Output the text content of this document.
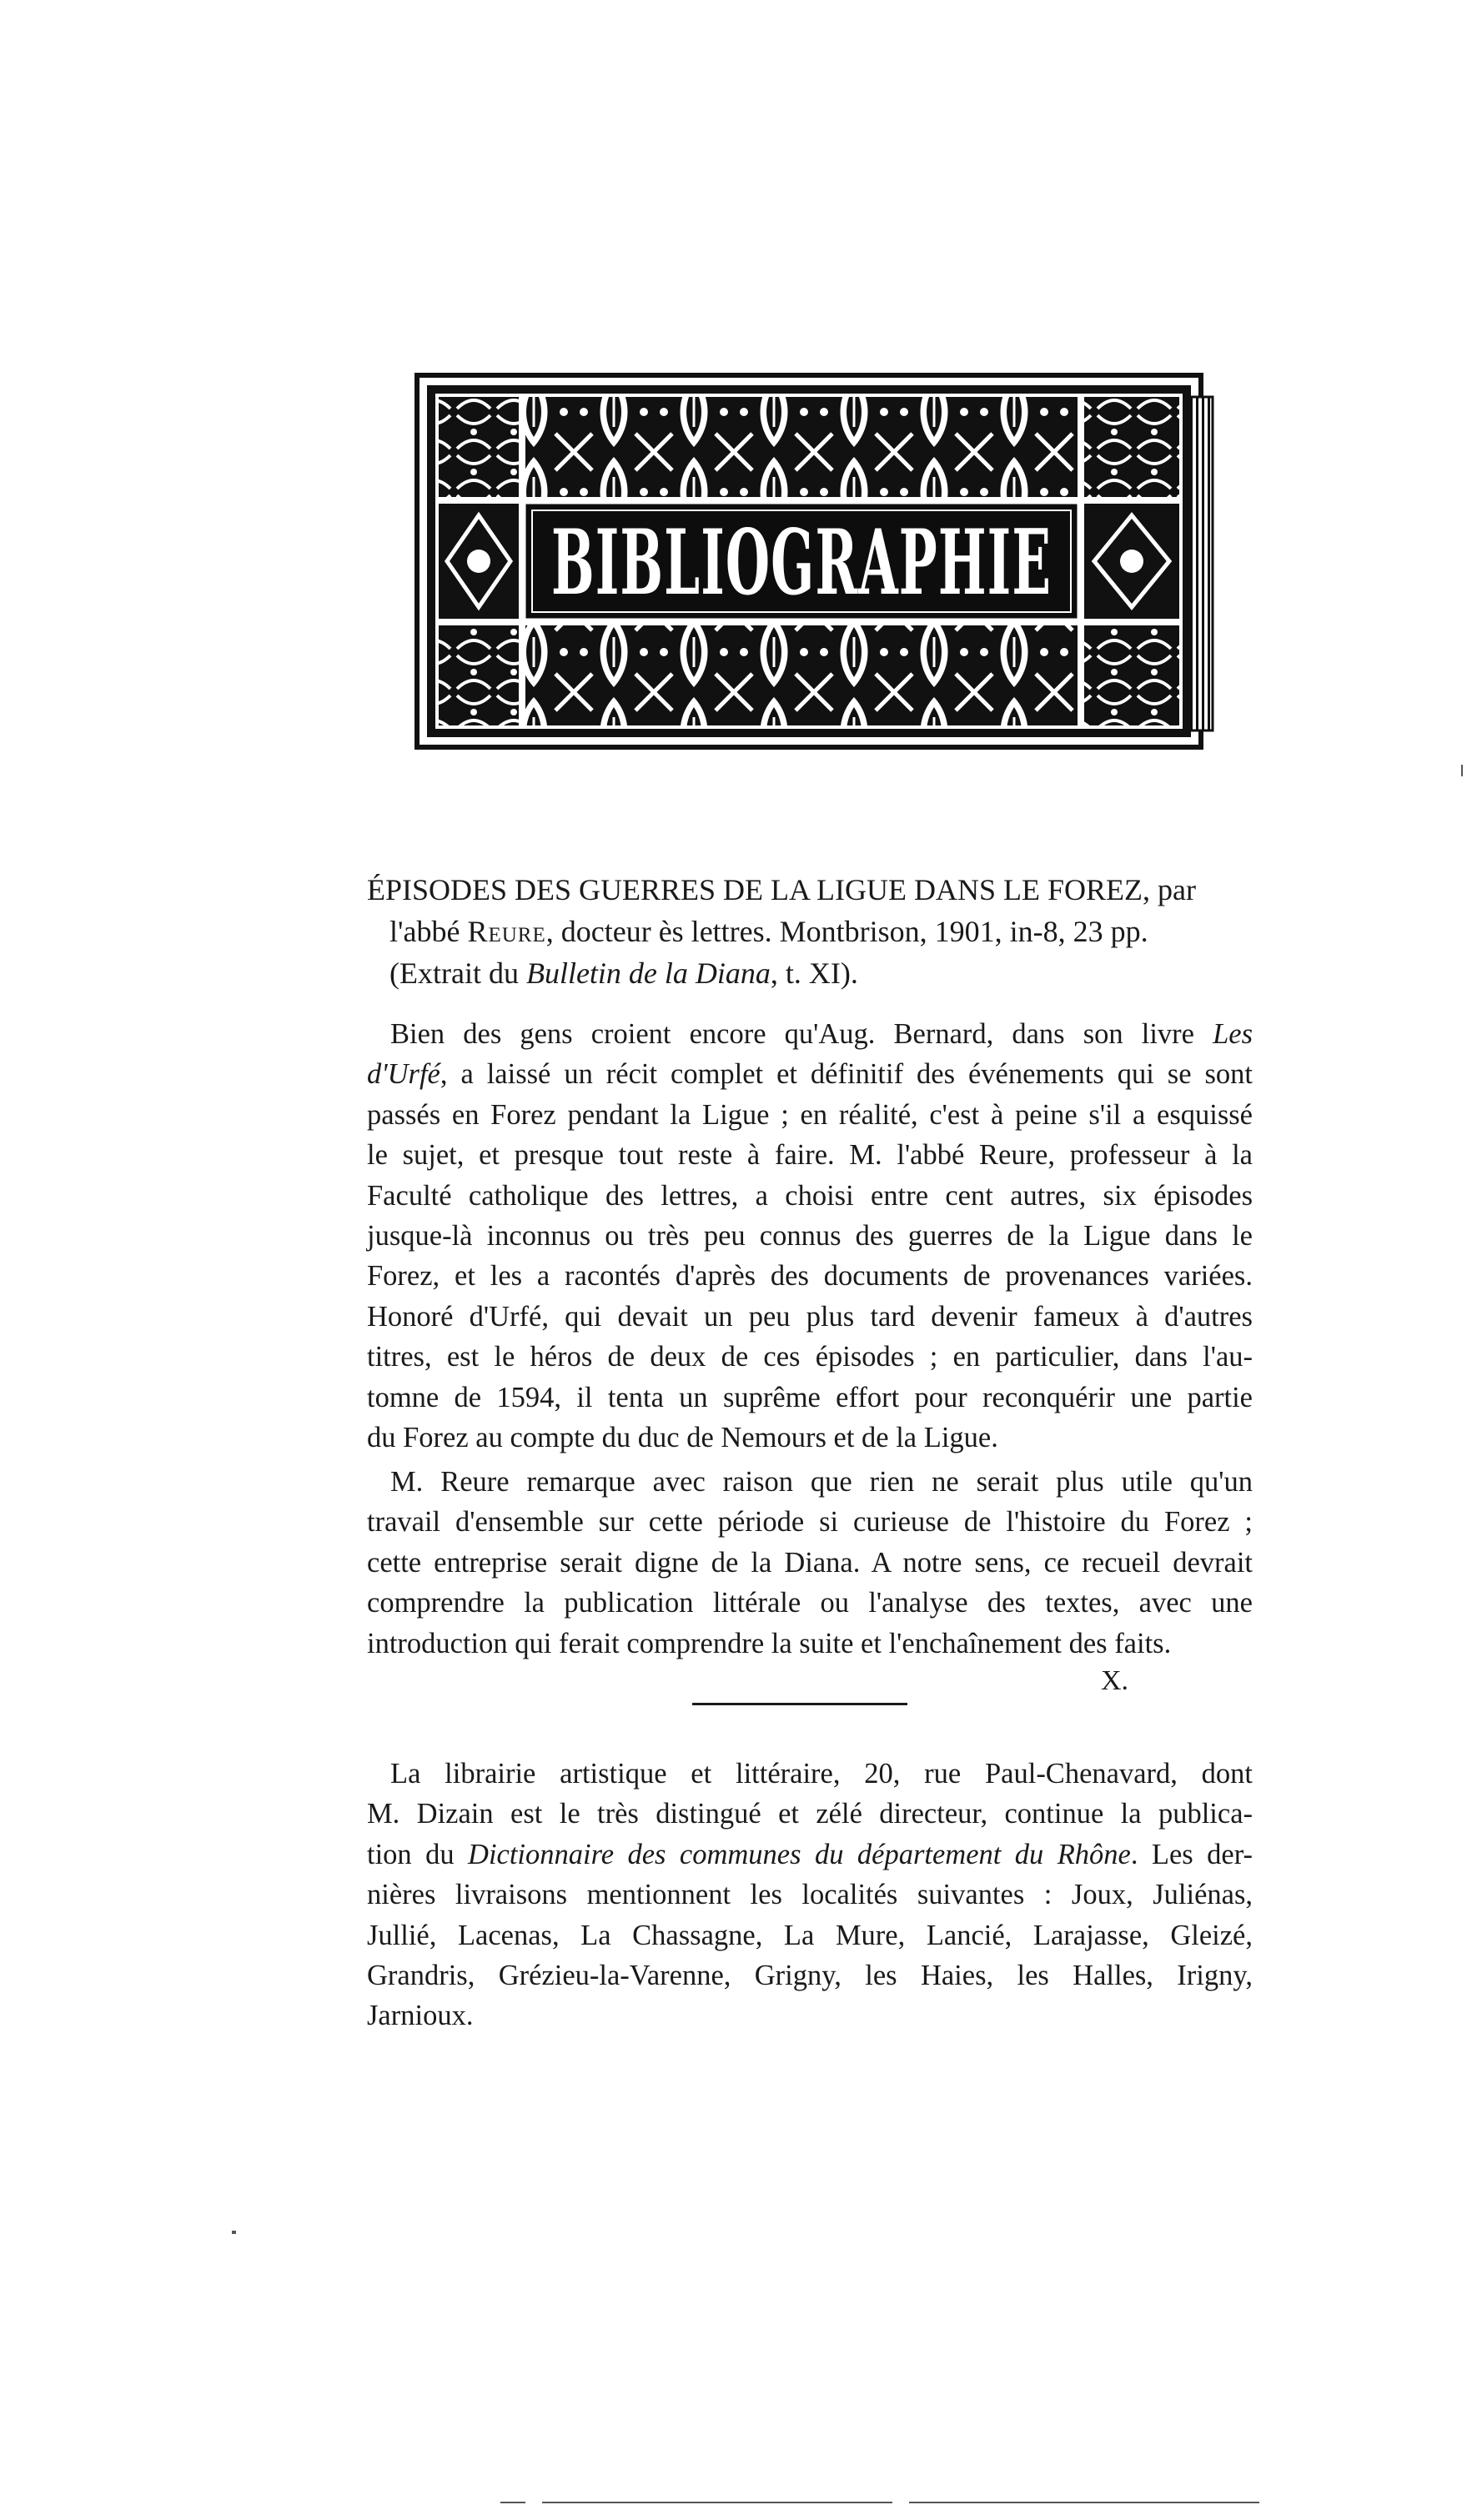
BIBLIOGRAPHIE
ÉPISODES DES GUERRES DE LA LIGUE DANS LE FOREZ, par
l'abbé Reure, docteur ès lettres. Montbrison, 1901, in-8, 23 pp.
(Extrait du Bulletin de la Diana, t. XI).
Bien des gens croient encore qu'Aug. Bernard, dans son livre Les
d'Urfé, a laissé un récit complet et définitif des événements qui se sont
passés en Forez pendant la Ligue ; en réalité, c'est à peine s'il a esquissé
le sujet, et presque tout reste à faire. M. l'abbé Reure, professeur à la
Faculté catholique des lettres, a choisi entre cent autres, six épisodes
jusque-là inconnus ou très peu connus des guerres de la Ligue dans le
Forez, et les a racontés d'après des documents de provenances variées.
Honoré d'Urfé, qui devait un peu plus tard devenir fameux à d'autres
titres, est le héros de deux de ces épisodes ; en particulier, dans l'au-
tomne de 1594, il tenta un suprême effort pour reconquérir une partie
du Forez au compte du duc de Nemours et de la Ligue.
M. Reure remarque avec raison que rien ne serait plus utile qu'un
travail d'ensemble sur cette période si curieuse de l'histoire du Forez ;
cette entreprise serait digne de la Diana. A notre sens, ce recueil devrait
comprendre la publication littérale ou l'analyse des textes, avec une
introduction qui ferait comprendre la suite et l'enchaînement des faits.
X.
La librairie artistique et littéraire, 20, rue Paul-Chenavard, dont
M. Dizain est le très distingué et zélé directeur, continue la publica-
tion du Dictionnaire des communes du département du Rhône. Les der-
nières livraisons mentionnent les localités suivantes : Joux, Juliénas,
Jullié, Lacenas, La Chassagne, La Mure, Lancié, Larajasse, Gleizé,
Grandris, Grézieu-la-Varenne, Grigny, les Haies, les Halles, Irigny,
Jarnioux.
